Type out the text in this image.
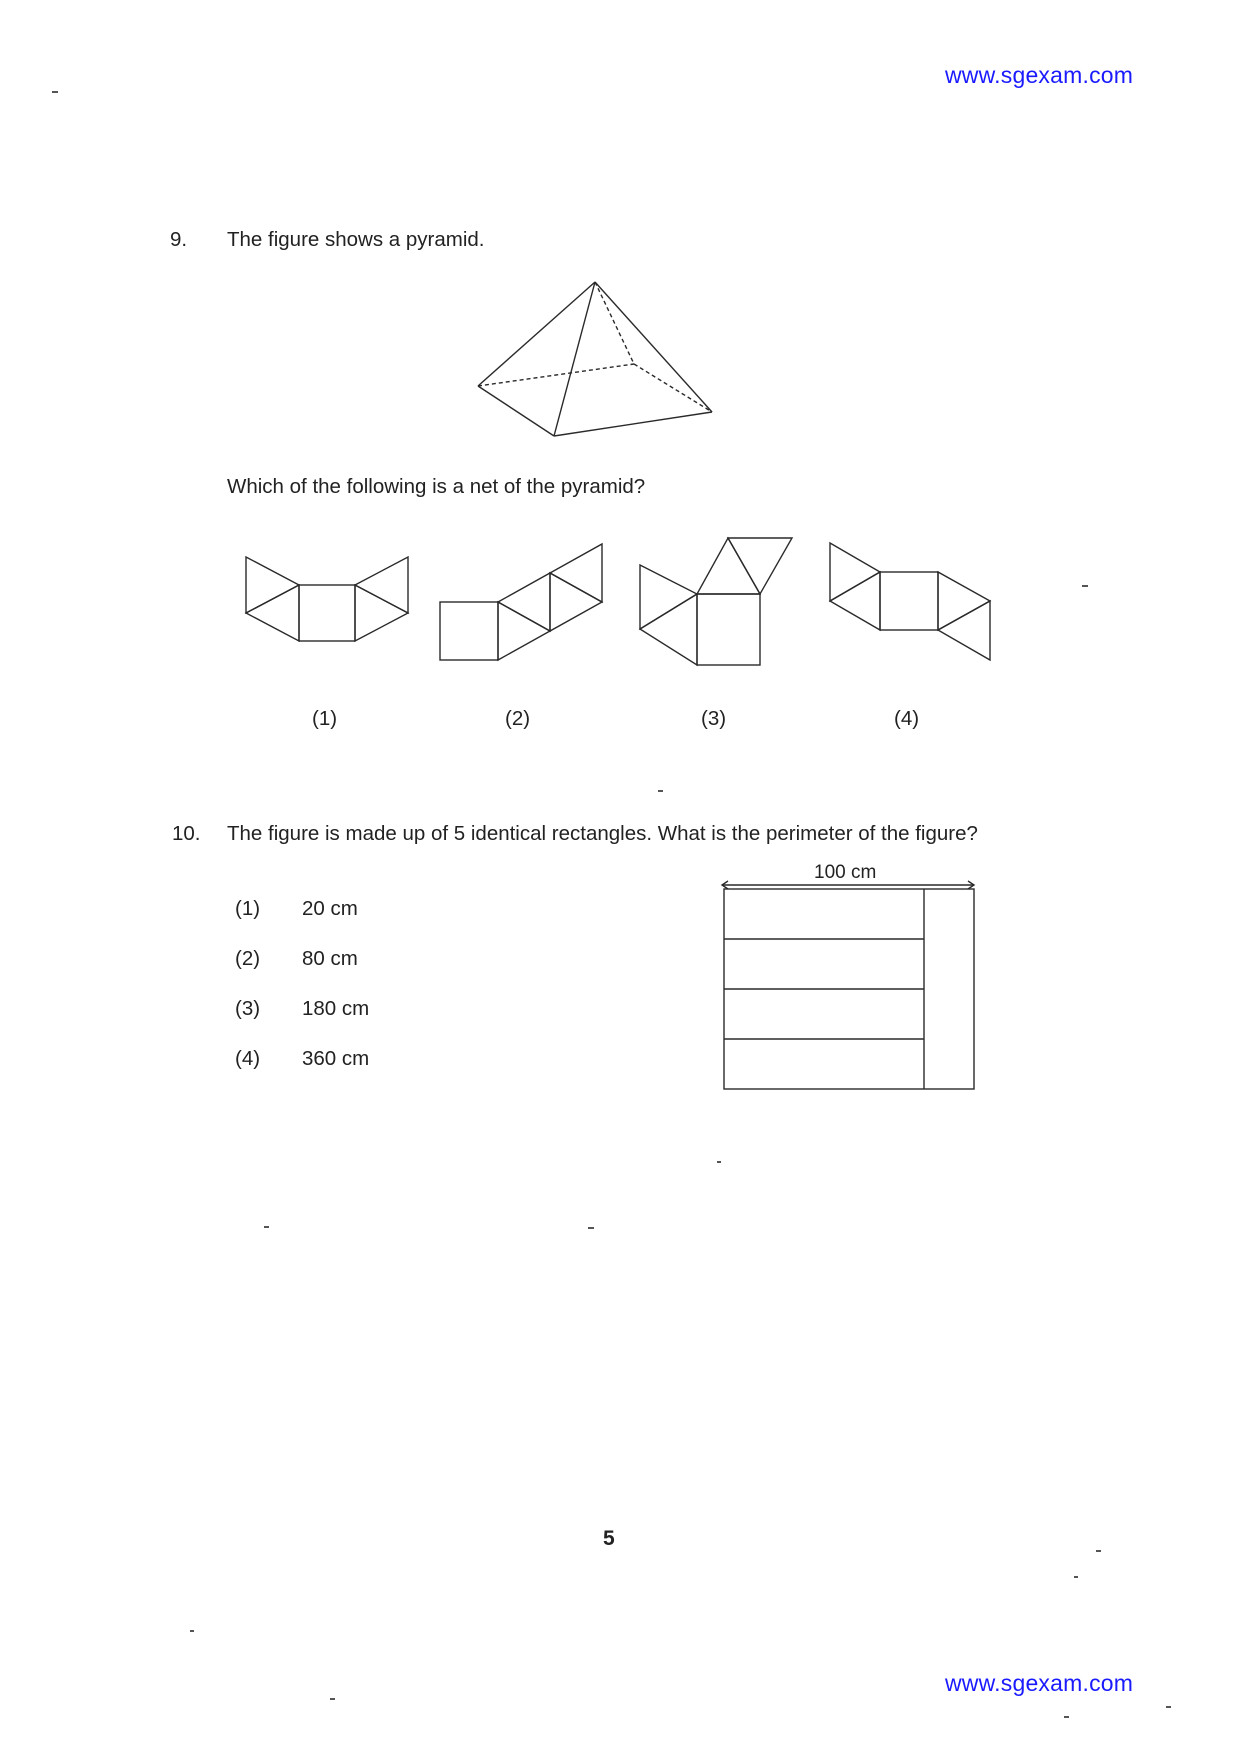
www.sgexam.com
9. The figure shows a pyramid.
Which of the following is a net of the pyramid?
(1)	(2)	(3)	(4)
10. The figure is made up of 5 identical rectangles. What is the perimeter of the figure?
(1) 20 cm
(2) 80 cm
(3) 180 cm
(4) 360 cm
100 cm
5
www.sgexam.com
